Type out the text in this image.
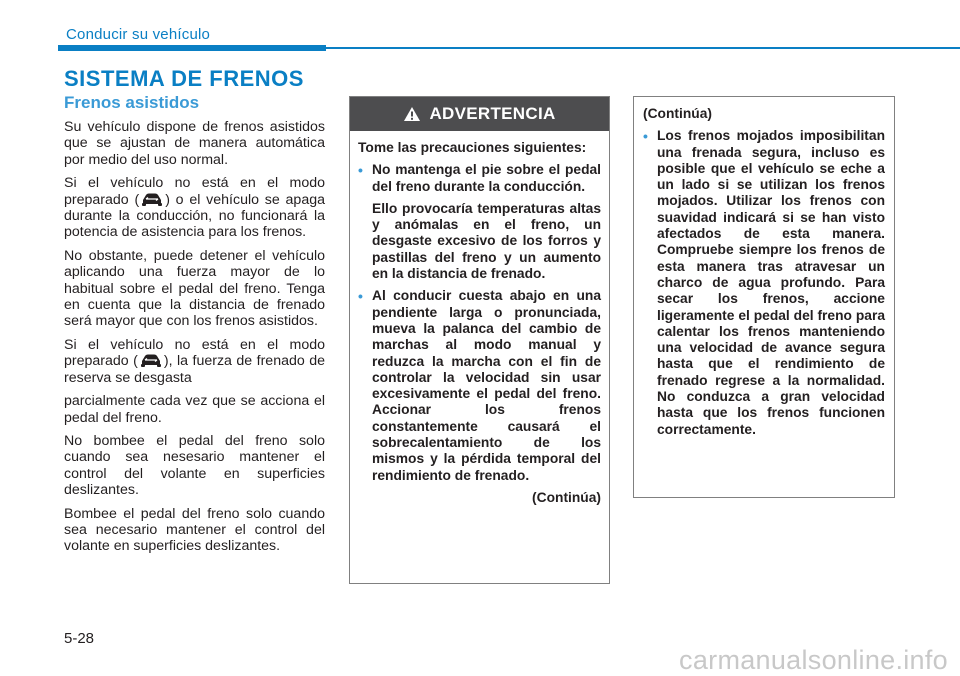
Conducir su vehículo
SISTEMA DE FRENOS
Frenos asistidos

Su vehículo dispone de frenos asistidos que se ajustan de manera automática por medio del uso normal.

Si el vehículo no está en el modo preparado ( ) o el vehículo se apaga durante la conducción, no funcionará la potencia de asistencia para los frenos.

No obstante, puede detener el vehículo aplicando una fuerza mayor de lo habitual sobre el pedal del freno. Tenga en cuenta que la distancia de frenado será mayor que con los frenos asistidos.

Si el vehículo no está en el modo preparado ( ), la fuerza de frenado de reserva se desgasta

parcialmente cada vez que se acciona el pedal del freno.

No bombee el pedal del freno solo cuando sea nesesario mantener el control del volante en superficies deslizantes.

Bombee el pedal del freno solo cuando sea necesario mantener el control del volante en superficies deslizantes.

ADVERTENCIA

Tome las precauciones siguientes:

• No mantenga el pie sobre el pedal del freno durante la conducción.

Ello provocaría temperaturas altas y anómalas en el freno, un desgaste excesivo de los forros y pastillas del freno y un aumento en la distancia de frenado.

• Al conducir cuesta abajo en una pendiente larga o pronunciada, mueva la palanca del cambio de marchas al modo manual y reduzca la marcha con el fin de controlar la velocidad sin usar excesivamente el pedal del freno. Accionar los frenos constantemente causará el sobrecalentamiento de los mismos y la pérdida temporal del rendimiento de frenado.

(Continúa)

(Continúa)

• Los frenos mojados imposibilitan una frenada segura, incluso es posible que el vehículo se eche a un lado si se utilizan los frenos mojados. Utilizar los frenos con suavidad indicará si se han visto afectados de esta manera. Compruebe siempre los frenos de esta manera tras atravesar un charco de agua profundo. Para secar los frenos, accione ligeramente el pedal del freno para calentar los frenos manteniendo una velocidad de avance segura hasta que el rendimiento de frenado regrese a la normalidad. No conduzca a gran velocidad hasta que los frenos funcionen correctamente.
5-28
carmanualsonline.info
